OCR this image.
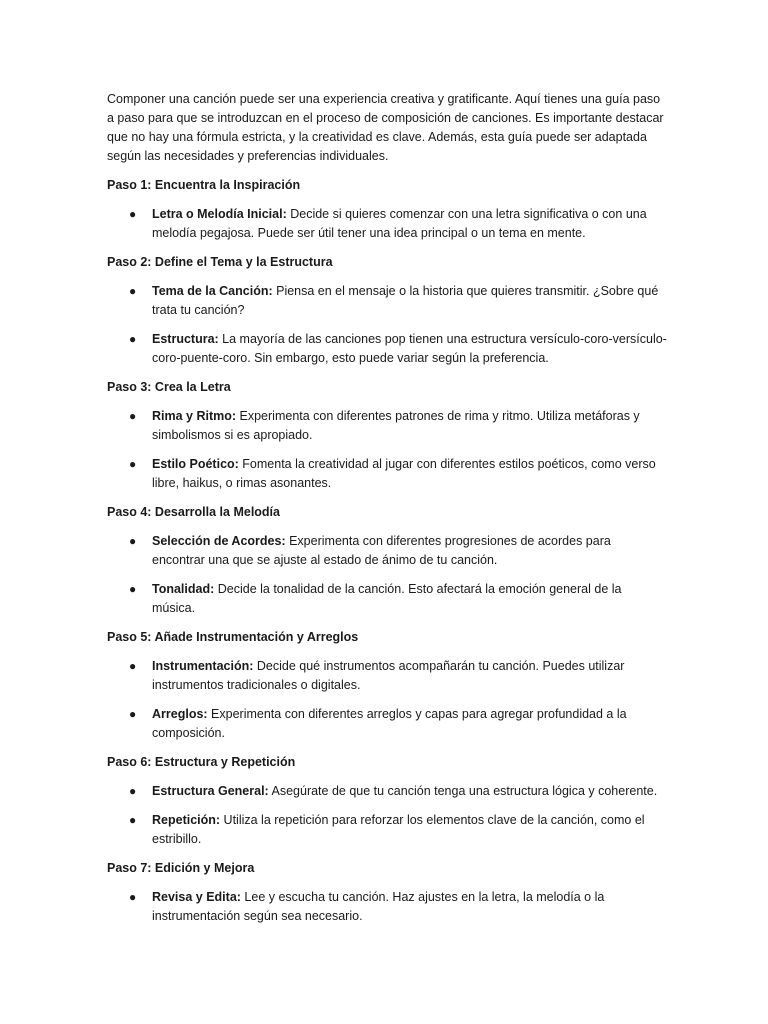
Componer una canción puede ser una experiencia creativa y gratificante. Aquí tienes una guía paso a paso para que se introduzcan en el proceso de composición de canciones. Es importante destacar que no hay una fórmula estricta, y la creatividad es clave. Además, esta guía puede ser adaptada según las necesidades y preferencias individuales.

Paso 1: Encuentra la Inspiración

● Letra o Melodía Inicial: Decide si quieres comenzar con una letra significativa o con una melodía pegajosa. Puede ser útil tener una idea principal o un tema en mente.

Paso 2: Define el Tema y la Estructura

● Tema de la Canción: Piensa en el mensaje o la historia que quieres transmitir. ¿Sobre qué trata tu canción?
● Estructura: La mayoría de las canciones pop tienen una estructura versículo-coro-versículo-coro-puente-coro. Sin embargo, esto puede variar según la preferencia.

Paso 3: Crea la Letra

● Rima y Ritmo: Experimenta con diferentes patrones de rima y ritmo. Utiliza metáforas y simbolismos si es apropiado.
● Estilo Poético: Fomenta la creatividad al jugar con diferentes estilos poéticos, como verso libre, haikus, o rimas asonantes.

Paso 4: Desarrolla la Melodía

● Selección de Acordes: Experimenta con diferentes progresiones de acordes para encontrar una que se ajuste al estado de ánimo de tu canción.
● Tonalidad: Decide la tonalidad de la canción. Esto afectará la emoción general de la música.

Paso 5: Añade Instrumentación y Arreglos

● Instrumentación: Decide qué instrumentos acompañarán tu canción. Puedes utilizar instrumentos tradicionales o digitales.
● Arreglos: Experimenta con diferentes arreglos y capas para agregar profundidad a la composición.

Paso 6: Estructura y Repetición

● Estructura General: Asegúrate de que tu canción tenga una estructura lógica y coherente.
● Repetición: Utiliza la repetición para reforzar los elementos clave de la canción, como el estribillo.

Paso 7: Edición y Mejora

● Revisa y Edita: Lee y escucha tu canción. Haz ajustes en la letra, la melodía o la instrumentación según sea necesario.
